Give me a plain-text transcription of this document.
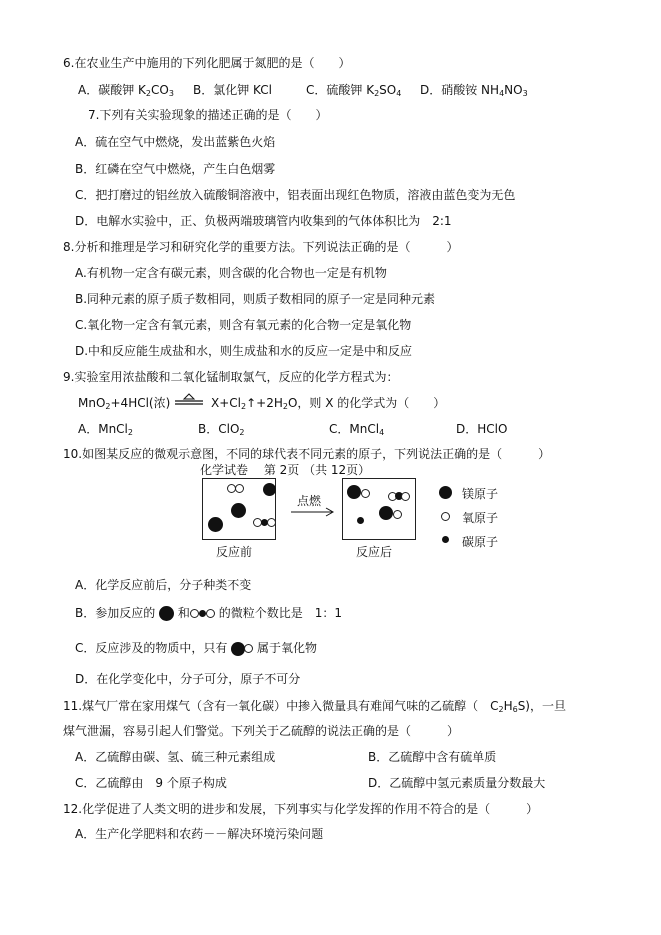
6.在农业生产中施用的下列化肥属于氮肥的是（　　）
A．碳酸钾 $K_2CO_3$ B．氯化钾 KCl	C．硫酸钾 $K_2SO_4$ D．硝酸铵 $NH_4NO_3$
7.下列有关实验现象的描述正确的是（　　）
A．硫在空气中燃烧，发出蓝紫色火焰
B．红磷在空气中燃烧，产生白色烟雾
C．把打磨过的铝丝放入硫酸铜溶液中，铝表面出现红色物质，溶液由蓝色变为无色
D．电解水实验中，正、负极两端玻璃管内收集到的气体体积比为　2:1
8.分析和推理是学习和研究化学的重要方法。下列说法正确的是（　　　）
A.有机物一定含有碳元素，则含碳的化合物也一定是有机物
B.同种元素的原子质子数相同，则质子数相同的原子一定是同种元素
C.氧化物一定含有氧元素，则含有氧元素的化合物一定是氧化物
D.中和反应能生成盐和水，则生成盐和水的反应一定是中和反应
9.实验室用浓盐酸和二氧化锰制取氯气，反应的化学方程式为：
MnO$_2$+4HCl(浓)	$X+Cl_2↑+2H_2O$，则 X 的化学式为（　　）
A．MnCl$_2$	B．ClO$_2$	C．MnCl$_4$	D．HClO
10.如图某反应的微观示意图，不同的球代表不同元素的原子，下列说法正确的是（　　　）
化学试卷　 第 2页 （共 12页）
反应前
点燃
反应后
镁原子
氧原子
碳原子
A．化学反应前后，分子种类不变
B．参加反应的 和 的微粒个数比是　1：1
C．反应涉及的物质中，只有 属于氧化物
D．在化学变化中，分子可分，原子不可分
11.煤气厂常在家用煤气（含有一氧化碳）中掺入微量具有难闻气味的乙硫醇（　$C_2H_6S$)，一旦
煤气泄漏，容易引起人们警觉。下列关于乙硫醇的说法正确的是（　　　）
A．乙硫醇由碳、氢、硫三种元素组成	B．乙硫醇中含有硫单质
C．乙硫醇由　9 个原子构成	D．乙硫醇中氢元素质量分数最大
12.化学促进了人类文明的进步和发展，下列事实与化学发挥的作用不符合的是（　　　）
A．生产化学肥料和农药－－解决环境污染问题
